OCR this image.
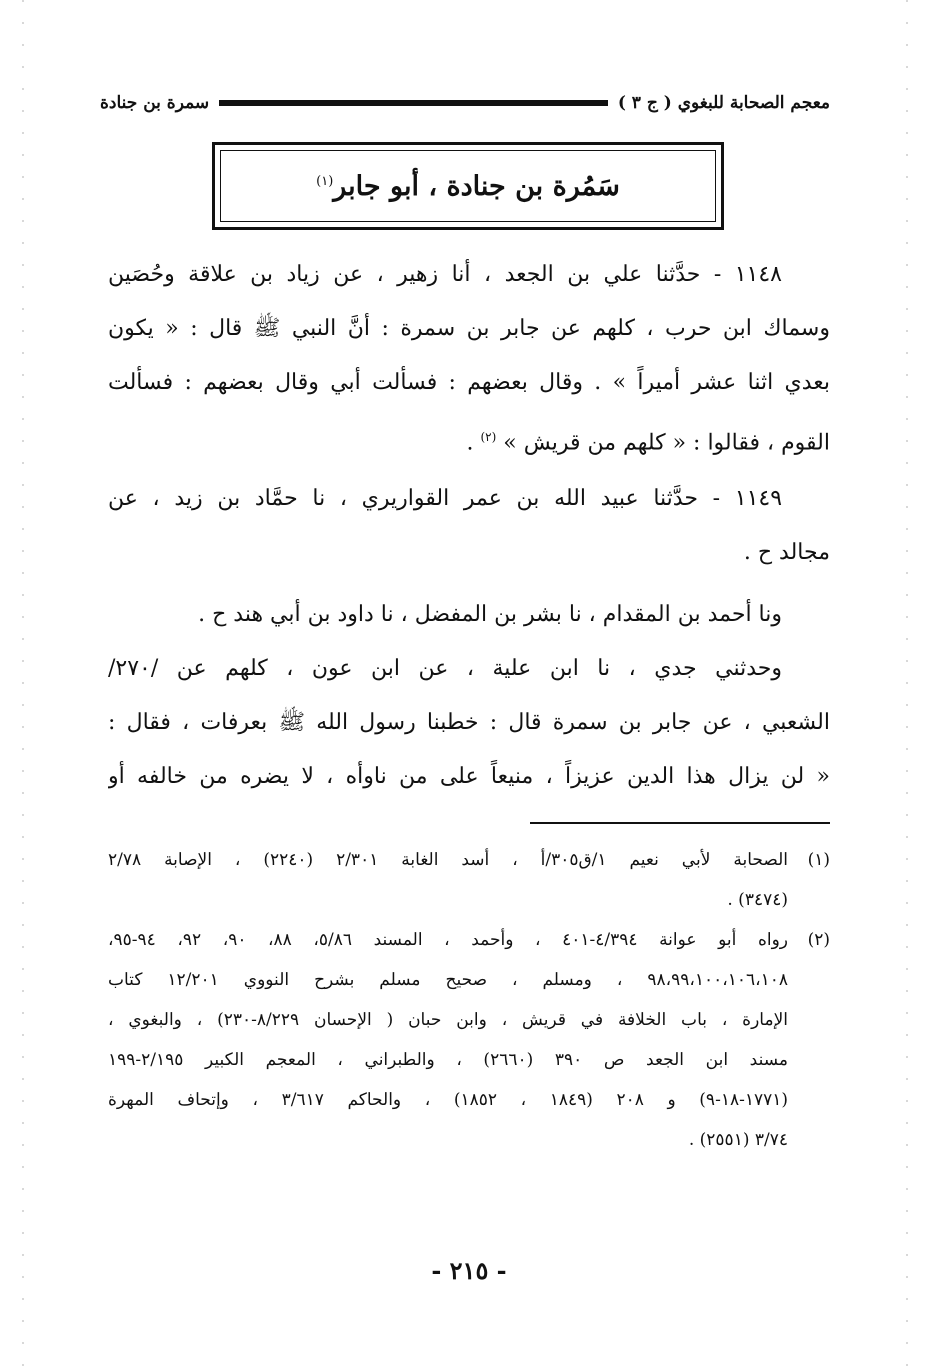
سمرة بن جنادة	معجم الصحابة للبغوي ( ج ٣ )
سَمُرة بن جنادة ، أبو جابر$^{(١)}$
١١٤٨ - حدَّثنا علي بن الجعد ، أنا زهير ، عن زياد بن علاقة وحُصَين
وسماك ابن حرب ، كلهم عن جابر بن سمرة : أنَّ النبي ﷺ قال : « يكون
بعدي اثنا عشر أميراً » . وقال بعضهم : فسألت أبي وقال بعضهم : فسألت
القوم ، فقالوا : « كلهم من قريش » $^{(٢)}$ .
١١٤٩ - حدَّثنا عبيد الله بن عمر القواريري ، نا حمَّاد بن زيد ، عن
مجالد ح .
ونا أحمد بن المقدام ، نا بشر بن المفضل ، نا داود بن أبي هند ح .
وحدثني جدي ، نا ابن علية ، عن ابن عون ، كلهم عن /٢٧٠/
الشعبي ، عن جابر بن سمرة قال : خطبنا رسول الله ﷺ بعرفات ، فقال :
« لن يزال هذا الدين عزيزاً ، منيعاً على من ناوأه ، لا يضره من خالفه أو
(١)الصحابة لأبي نعيم ١/ق٣٠٥/أ ، أسد الغابة ٢/٣٠١ (٢٢٤٠) ، الإصابة ٢/٧٨
(٣٤٧٤) .
(٢)رواه أبو عوانة ٤/٣٩٤-٤٠١ ، وأحمد ، المسند ٥/٨٦، ٨٨، ٩٠، ٩٢، ٩٤-٩٥،
٩٨،٩٩،١٠٠،١٠٦،١٠٨ ، ومسلم ، صحيح مسلم بشرح النووي ١٢/٢٠١ كتاب
الإمارة ، باب الخلافة في قريش ، وابن حبان ( الإحسان ٨/٢٢٩-٢٣٠) ، والبغوي ،
مسند ابن الجعد ص ٣٩٠ (٢٦٦٠) ، والطبراني ، المعجم الكبير ٢/١٩٥-١٩٩
(١٧٧١-١٨-٩) و ٢٠٨ (١٨٤٩ ، ١٨٥٢) ، والحاكم ٣/٦١٧ ، وإتحاف المهرة
٣/٧٤ (٢٥٥١) .
- ٢١٥ -
